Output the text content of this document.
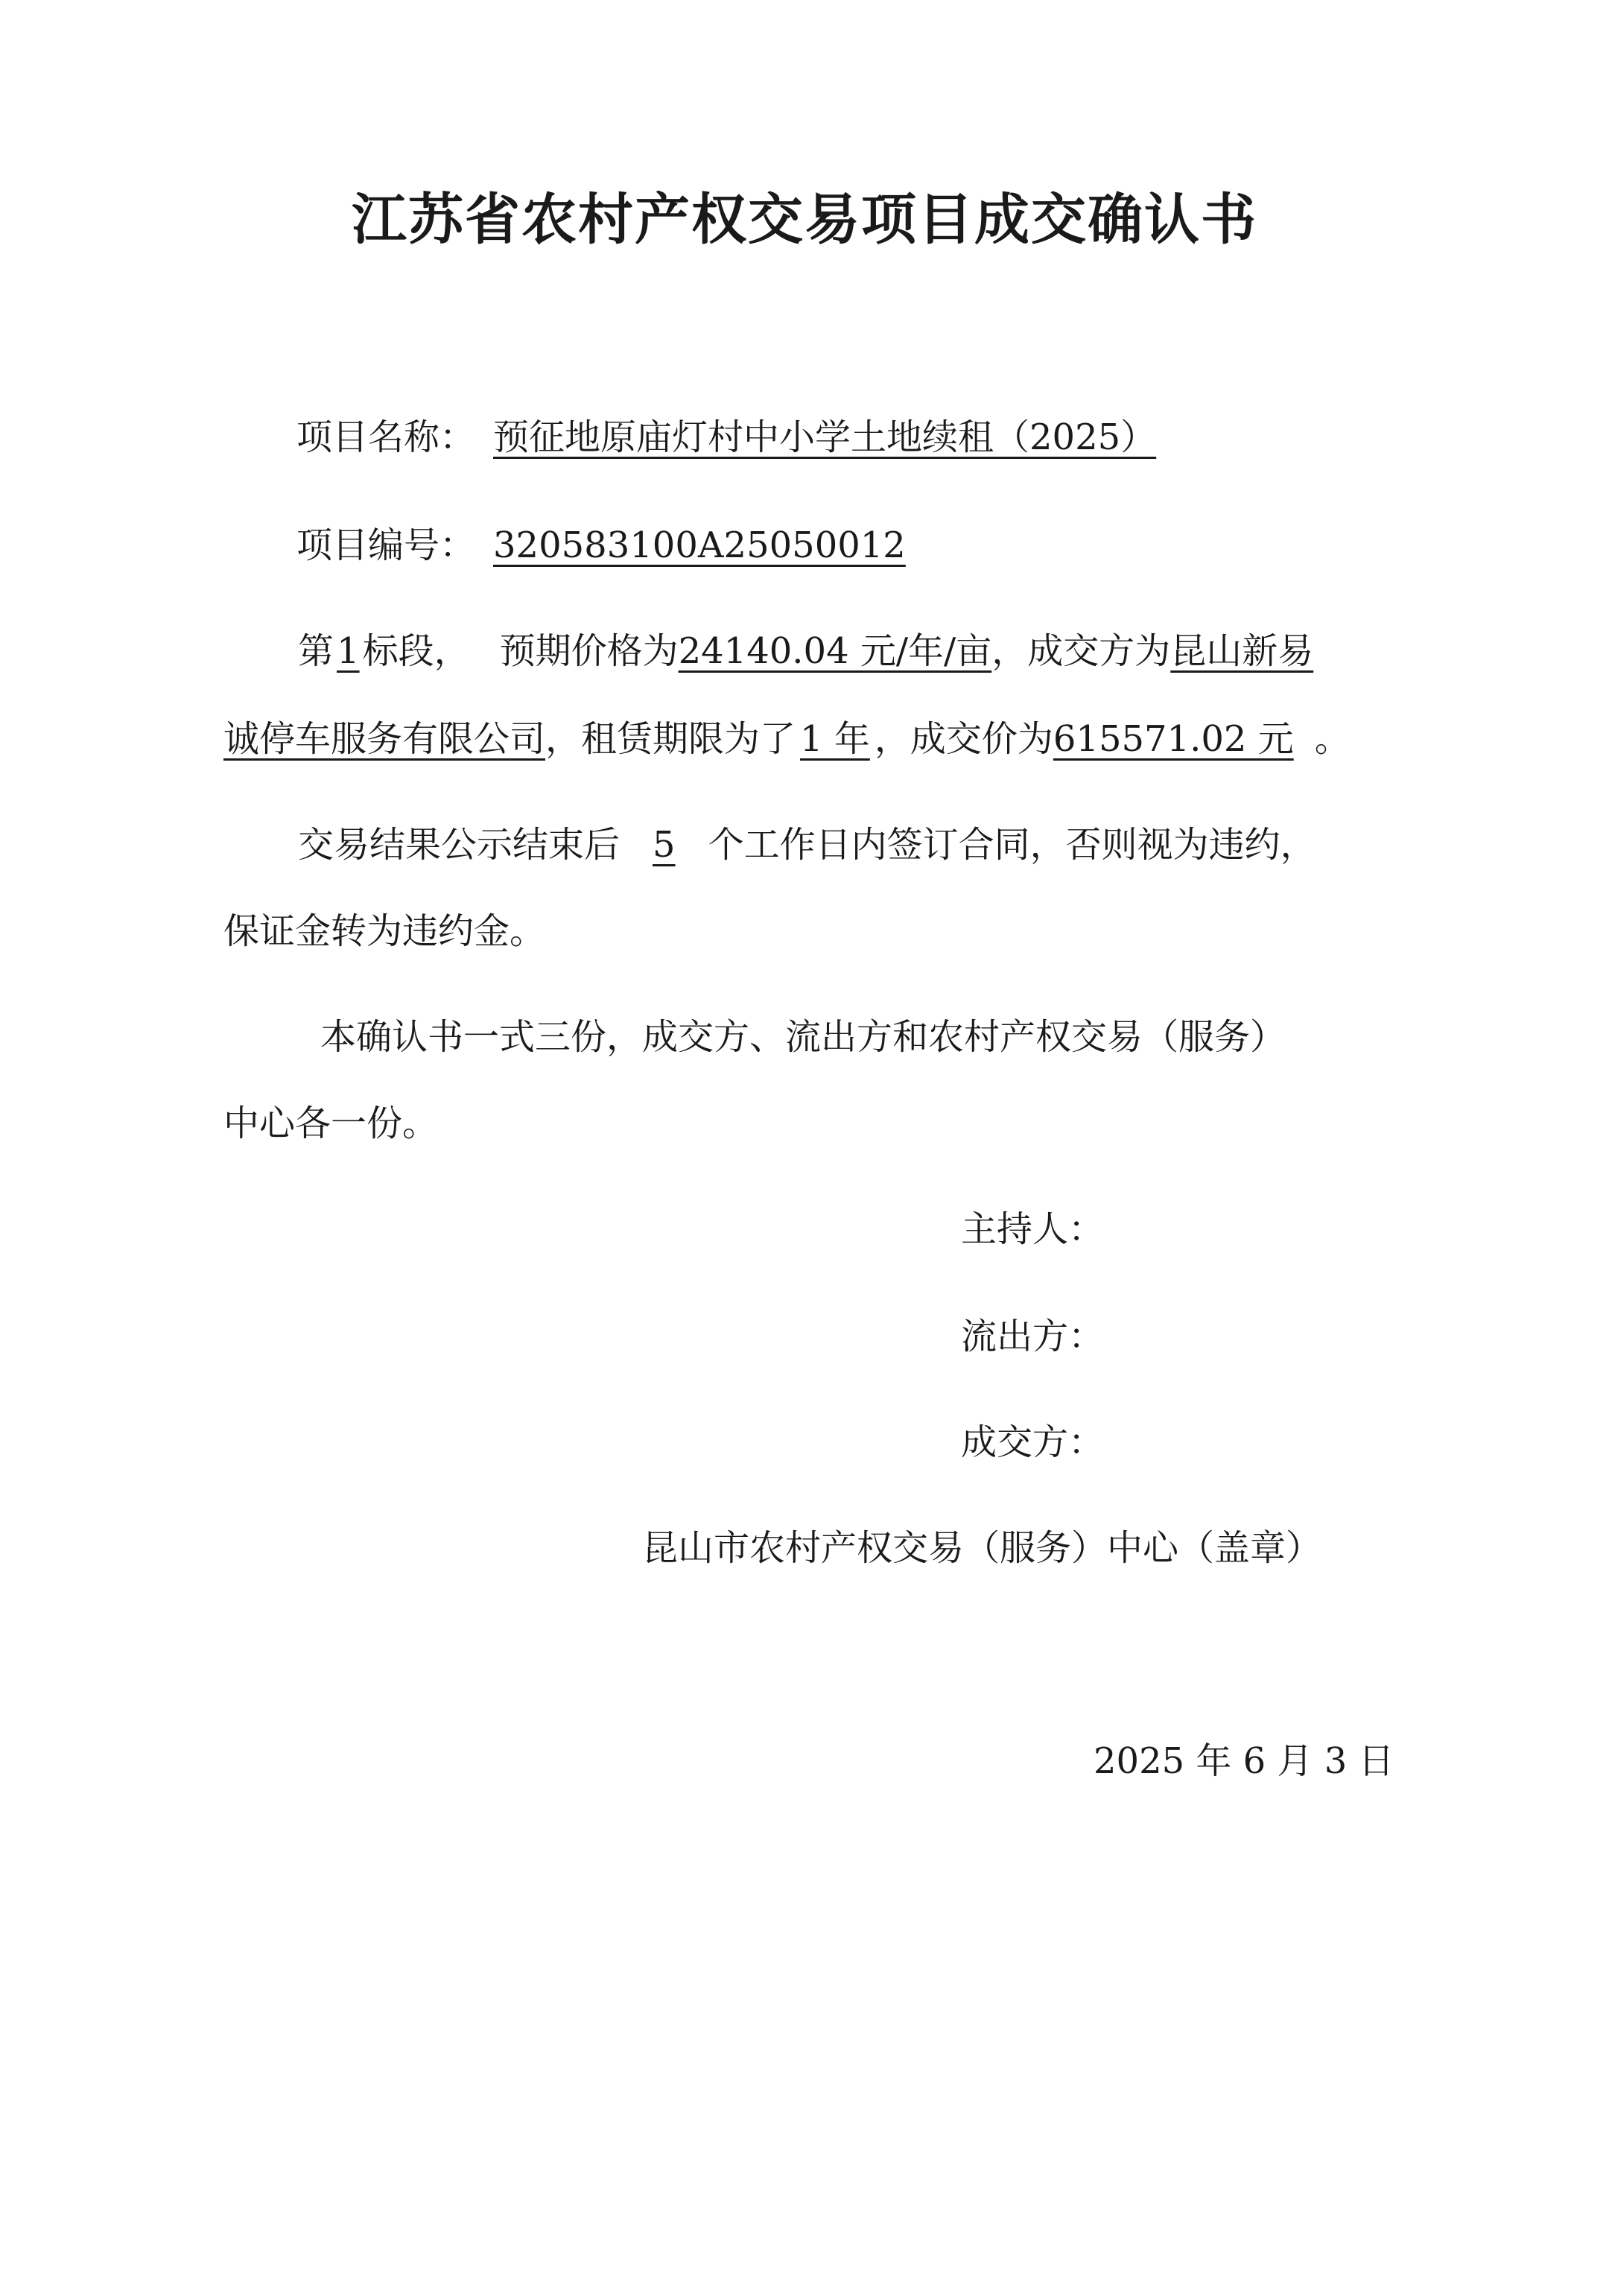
江苏省农村产权交易项目成交确认书
项目名称： 预征地原庙灯村中小学土地续租（2025）
项目编号： 320583100A25050012
第1标段， 预期价格为24140.04 元/年/亩，成交方为昆山新易
诚停车服务有限公司，租赁期限为了 1 年 ，成交价为615571.02 元 。
交易结果公示结束后 5 个工作日内签订合同，否则视为违约，
保证金转为违约金。
本确认书一式三份，成交方、流出方和农村产权交易（服务）
中心各一份。
主持人：
流出方：
成交方：
昆山市农村产权交易（服务）中心（盖章）
2025 年 6 月 3 日
